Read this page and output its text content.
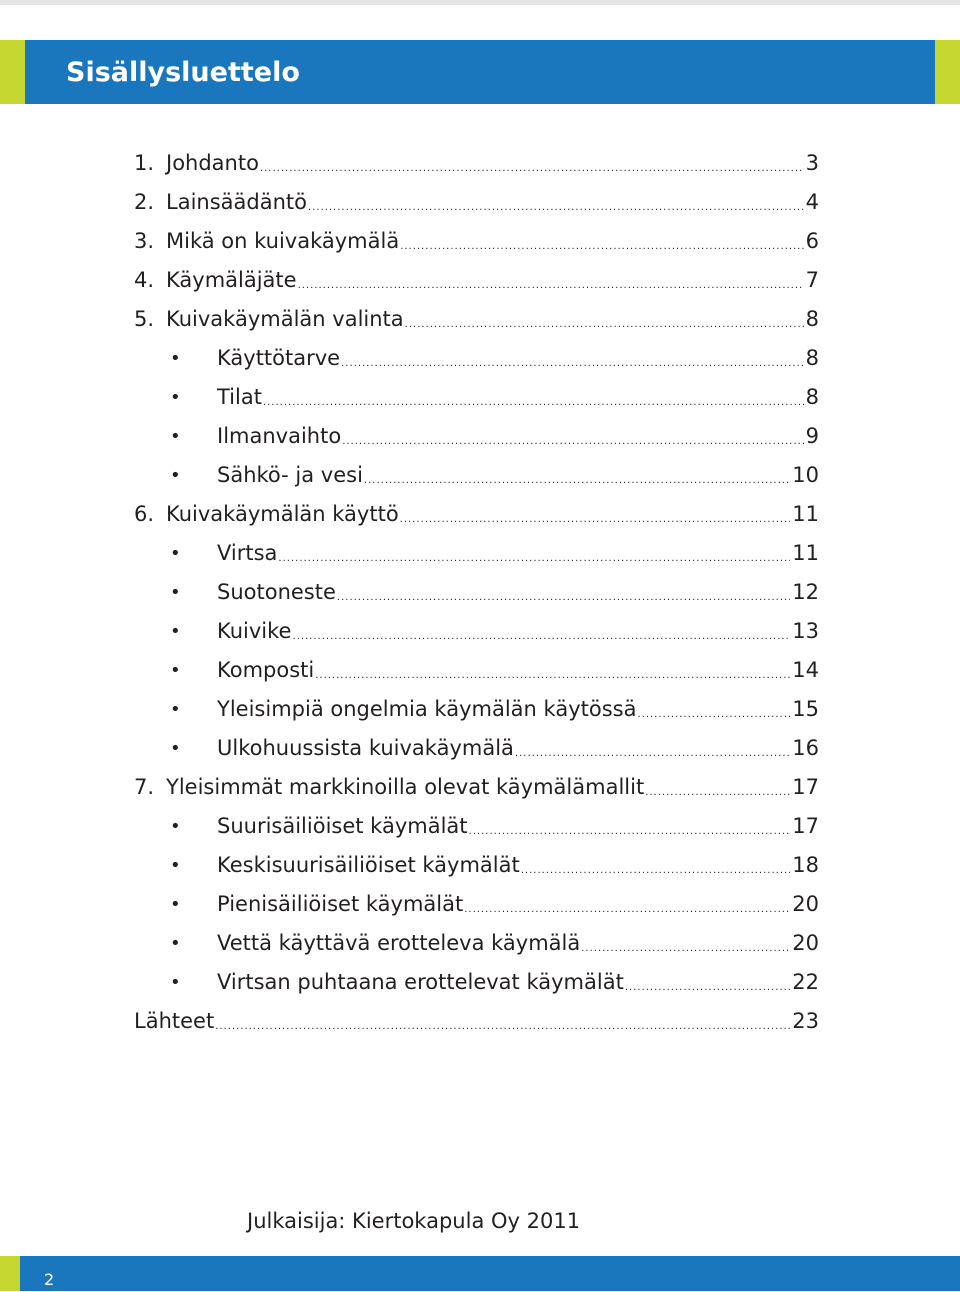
Sisällysluettelo
1. Johdanto .....	3
2. Lainsäädäntö .....	4
3. Mikä on kuivakäymälä .....	6
4. Käymäläjäte .....	7
5. Kuivakäymälän valinta .....	8
•	Käyttötarve .....	8
•	Tilat .....	8
•	Ilmanvaihto .....	9
•	Sähkö- ja vesi .....	10
6. Kuivakäymälän käyttö .....	11
•	Virtsa .....	11
•	Suotoneste .....	12
•	Kuivike .....	13
•	Komposti .....	14
•	Yleisimpiä ongelmia käymälän käytössä .....	15
•	Ulkohuussista kuivakäymälä .....	16
7. Yleisimmät markkinoilla olevat käymälämallit .....	17
•	Suurisäiliöiset käymälät .....	17
•	Keskisuurisäiliöiset käymälät .....	18
•	Pienisäiliöiset käymälät .....	20
•	Vettä käyttävä erotteleva käymälä .....	20
•	Virtsan puhtaana erottelevat käymälät .....	22
Lähteet .....	23

Julkaisija: Kiertokapula Oy 2011

2
